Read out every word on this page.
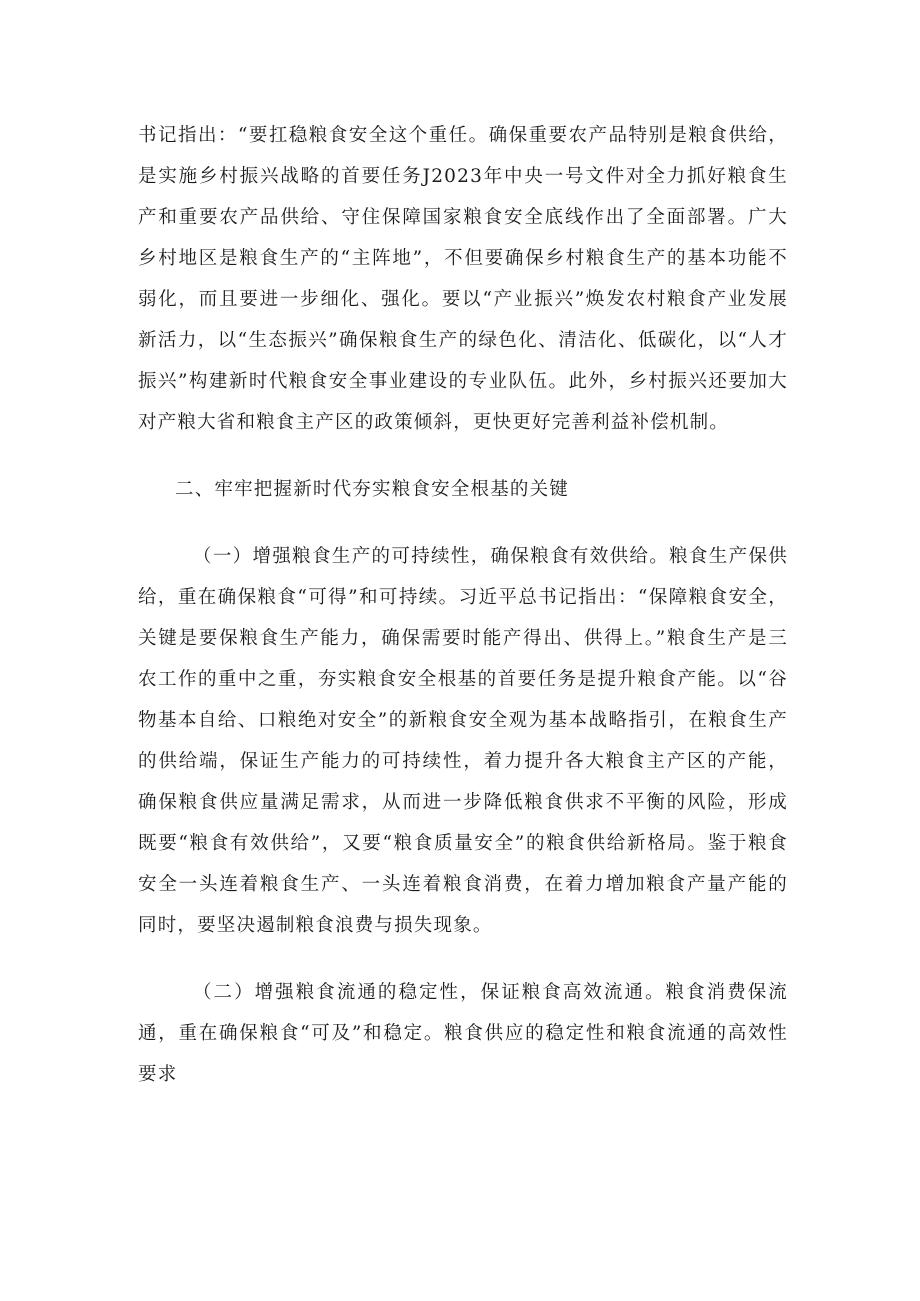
书记指出：“要扛稳粮食安全这个重任。确保重要农产品特别是粮食供给，是实施乡村振兴战略的首要任务J2023年中央一号文件对全力抓好粮食生产和重要农产品供给、守住保障国家粮食安全底线作出了全面部署。广大乡村地区是粮食生产的“主阵地”，不但要确保乡村粮食生产的基本功能不弱化，而且要进一步细化、强化。要以“产业振兴”焕发农村粮食产业发展新活力，以“生态振兴”确保粮食生产的绿色化、清洁化、低碳化，以“人才振兴”构建新时代粮食安全事业建设的专业队伍。此外，乡村振兴还要加大对产粮大省和粮食主产区的政策倾斜，更快更好完善利益补偿机制。

二、牢牢把握新时代夯实粮食安全根基的关键

（一）增强粮食生产的可持续性，确保粮食有效供给。粮食生产保供给，重在确保粮食“可得”和可持续。习近平总书记指出：“保障粮食安全，关键是要保粮食生产能力，确保需要时能产得出、供得上。”粮食生产是三农工作的重中之重，夯实粮食安全根基的首要任务是提升粮食产能。以“谷物基本自给、口粮绝对安全”的新粮食安全观为基本战略指引，在粮食生产的供给端，保证生产能力的可持续性，着力提升各大粮食主产区的产能，确保粮食供应量满足需求，从而进一步降低粮食供求不平衡的风险，形成既要“粮食有效供给”，又要“粮食质量安全”的粮食供给新格局。鉴于粮食安全一头连着粮食生产、一头连着粮食消费，在着力增加粮食产量产能的同时，要坚决遏制粮食浪费与损失现象。

（二）增强粮食流通的稳定性，保证粮食高效流通。粮食消费保流通，重在确保粮食“可及”和稳定。粮食供应的稳定性和粮食流通的高效性要求
